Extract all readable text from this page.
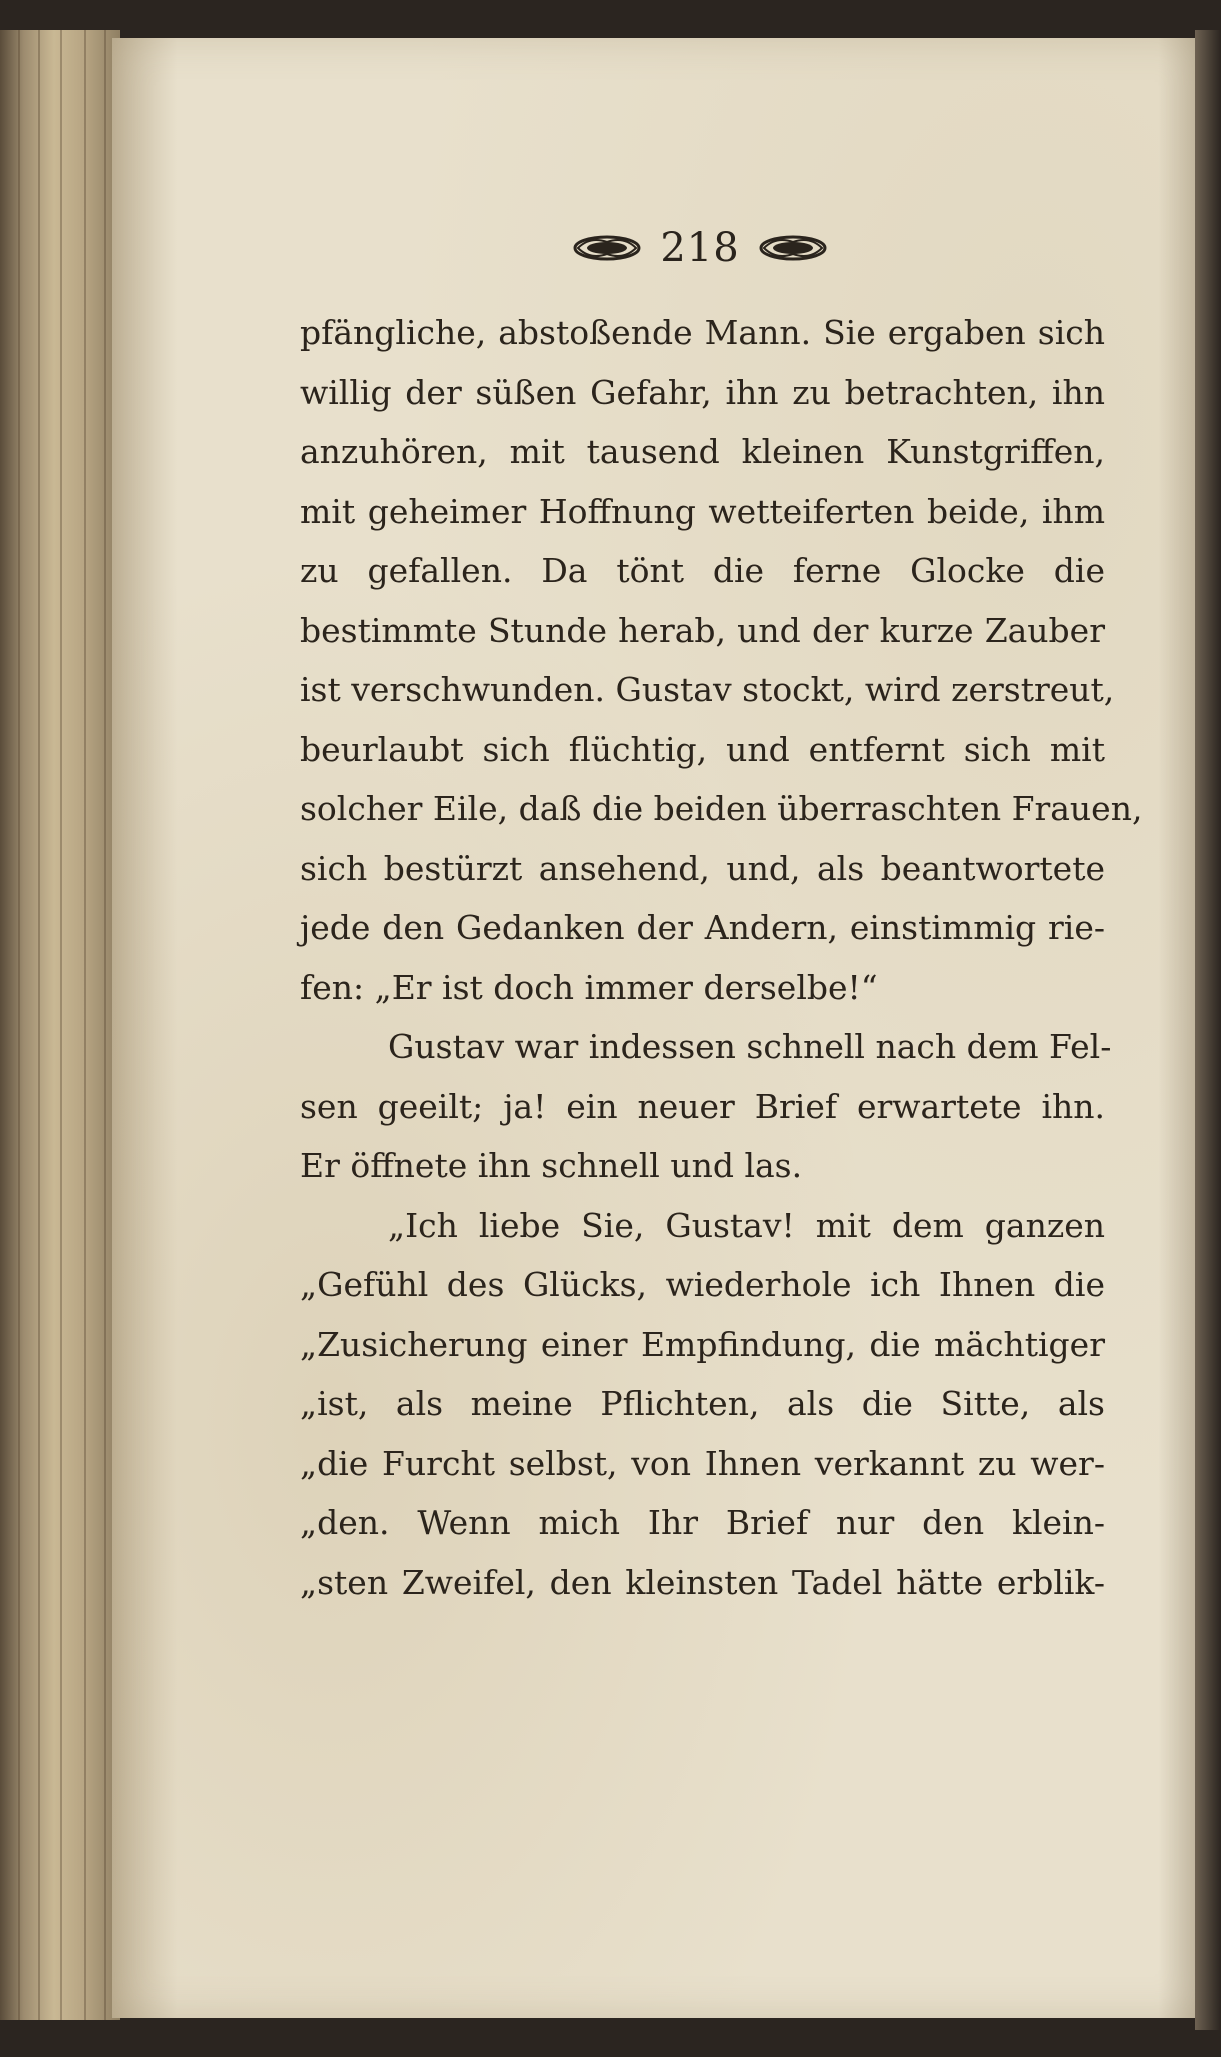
218
pfängliche, abstoßende Mann. Sie ergaben sich
willig der süßen Gefahr, ihn zu betrachten, ihn
anzuhören, mit tausend kleinen Kunstgriffen,
mit geheimer Hoffnung wetteiferten beide, ihm
zu gefallen. Da tönt die ferne Glocke die
bestimmte Stunde herab, und der kurze Zauber
ist verschwunden. Gustav stockt, wird zerstreut,
beurlaubt sich flüchtig, und entfernt sich mit
solcher Eile, daß die beiden überraschten Frauen,
sich bestürzt ansehend, und, als beantwortete
jede den Gedanken der Andern, einstimmig rie-
fen: „Er ist doch immer derselbe!“
Gustav war indessen schnell nach dem Fel-
sen geeilt; ja! ein neuer Brief erwartete ihn.
Er öffnete ihn schnell und las.
„Ich liebe Sie, Gustav! mit dem ganzen
„Gefühl des Glücks, wiederhole ich Ihnen die
„Zusicherung einer Empfindung, die mächtiger
„ist, als meine Pflichten, als die Sitte, als
„die Furcht selbst, von Ihnen verkannt zu wer-
„den. Wenn mich Ihr Brief nur den klein-
„sten Zweifel, den kleinsten Tadel hätte erblik-
